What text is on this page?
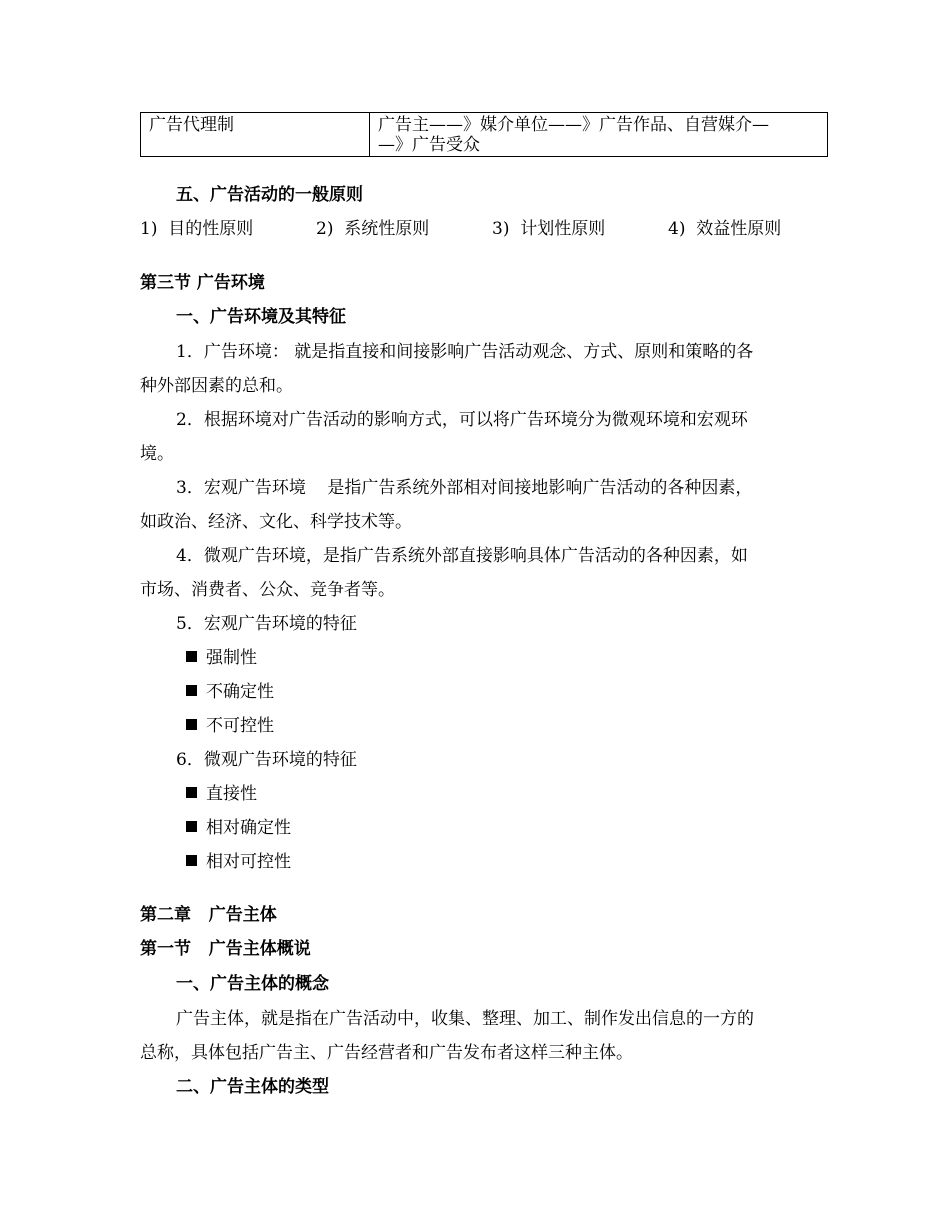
广告代理制	广告主——》媒介单位——》广告作品、自营媒介—
—》广告受众
五、广告活动的一般原则
1) 目的性原则	2) 系统性原则	3) 计划性原则	4) 效益性原则
第三节 广告环境
一、广告环境及其特征
1．广告环境： 就是指直接和间接影响广告活动观念、方式、原则和策略的各
种外部因素的总和。
2．根据环境对广告活动的影响方式，可以将广告环境分为微观环境和宏观环
境。
3．宏观广告环境    是指广告系统外部相对间接地影响广告活动的各种因素，
如政治、经济、文化、科学技术等。
4．微观广告环境，是指广告系统外部直接影响具体广告活动的各种因素，如
市场、消费者、公众、竞争者等。
5．宏观广告环境的特征
强制性
不确定性
不可控性
6．微观广告环境的特征
直接性
相对确定性
相对可控性
第二章   广告主体
第一节   广告主体概说
一、广告主体的概念
广告主体，就是指在广告活动中，收集、整理、加工、制作发出信息的一方的
总称，具体包括广告主、广告经营者和广告发布者这样三种主体。
二、广告主体的类型
